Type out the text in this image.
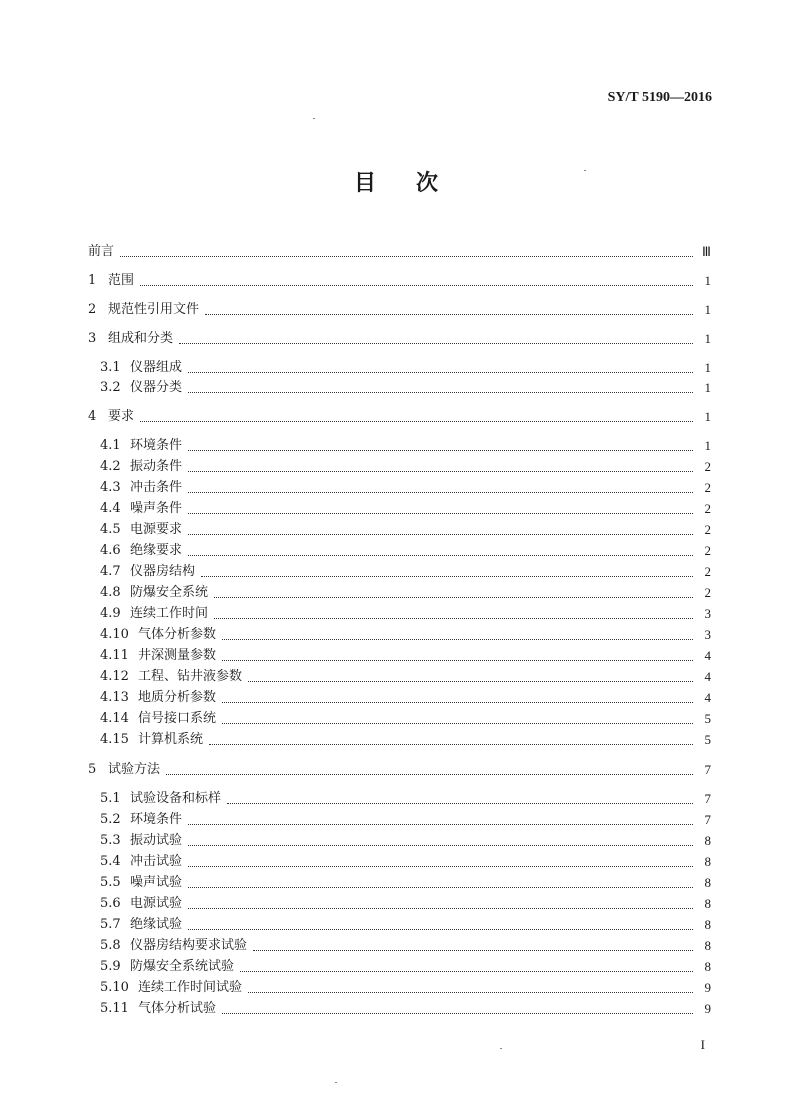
SY/T 5190—2016
目 次
前言	Ⅲ
1 范围	1
2 规范性引用文件	1
3 组成和分类	1
3.1 仪器组成	1
3.2 仪器分类	1
4 要求	1
4.1 环境条件	1
4.2 振动条件	2
4.3 冲击条件	2
4.4 噪声条件	2
4.5 电源要求	2
4.6 绝缘要求	2
4.7 仪器房结构	2
4.8 防爆安全系统	2
4.9 连续工作时间	3
4.10 气体分析参数	3
4.11 井深测量参数	4
4.12 工程、钻井液参数	4
4.13 地质分析参数	4
4.14 信号接口系统	5
4.15 计算机系统	5
5 试验方法	7
5.1 试验设备和标样	7
5.2 环境条件	7
5.3 振动试验	8
5.4 冲击试验	8
5.5 噪声试验	8
5.6 电源试验	8
5.7 绝缘试验	8
5.8 仪器房结构要求试验	8
5.9 防爆安全系统试验	8
5.10 连续工作时间试验	9
5.11 气体分析试验	9
I
